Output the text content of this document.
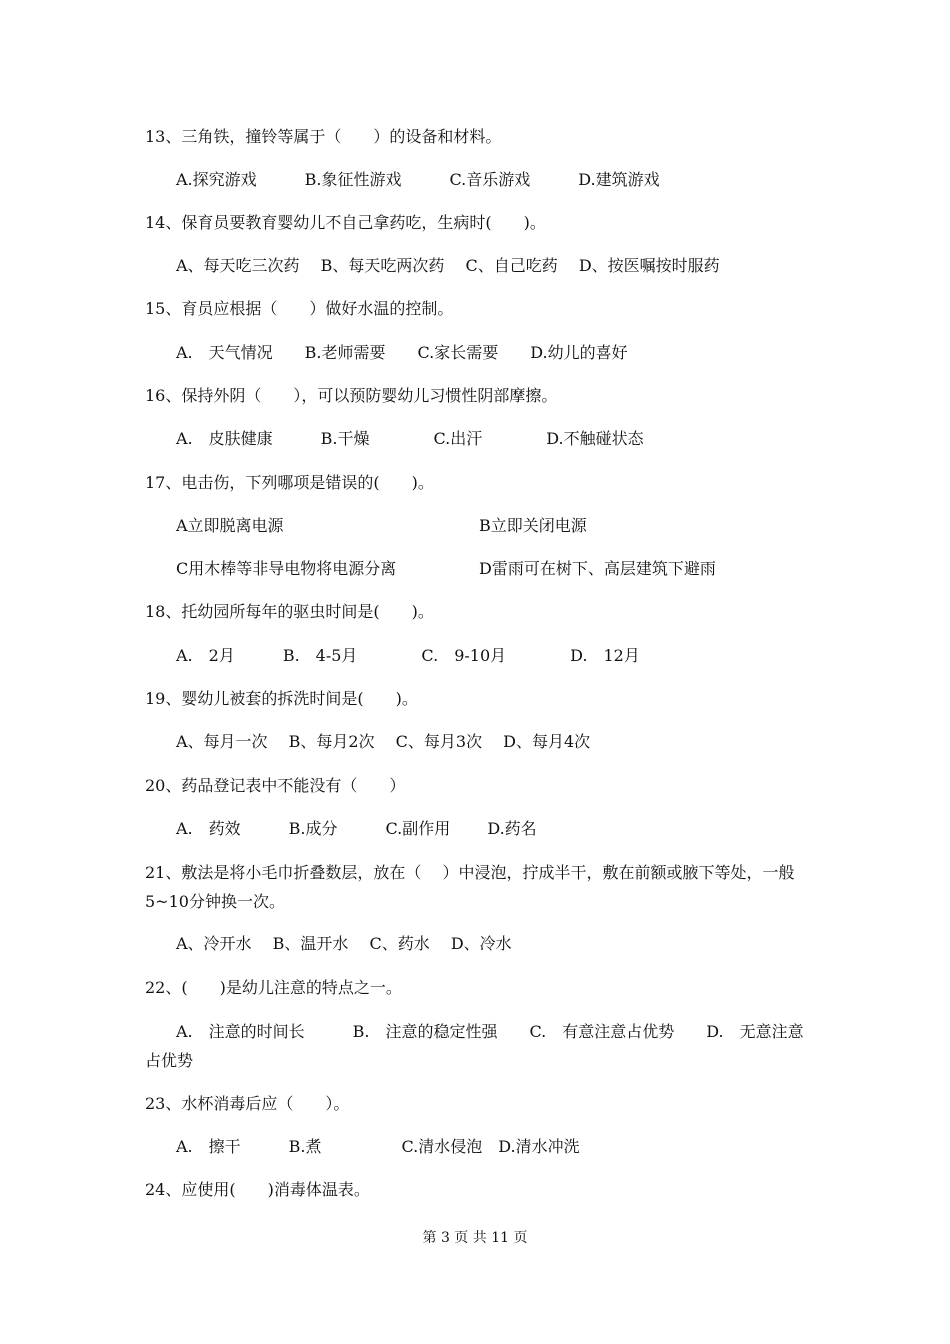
13、三角铁，撞铃等属于（　　）的设备和材料。
A.探究游戏　　　B.象征性游戏　　　C.音乐游戏　　　D.建筑游戏
14、保育员要教育婴幼儿不自己拿药吃，生病时(　　)。
A、每天吃三次药　 B、每天吃两次药　 C、自己吃药　 D、按医嘱按时服药
15、育员应根据（　　）做好水温的控制。
A.　天气情况　　B.老师需要　　C.家长需要　　D.幼儿的喜好
16、保持外阴（　　），可以预防婴幼儿习惯性阴部摩擦。
A.　皮肤健康　　　B.干燥　　　　C.出汗　　　　D.不触碰状态
17、电击伤，下列哪项是错误的(　　)。
A立即脱离电源	B立即关闭电源
C用木棒等非导电物将电源分离	D雷雨可在树下、高层建筑下避雨
18、托幼园所每年的驱虫时间是(　　)。
A.　2月　　　B.　4-5月　　　　C.　9-10月　　　　D.　12月
19、婴幼儿被套的拆洗时间是(　　)。
A、每月一次　 B、每月2次　 C、每月3次　 D、每月4次
20、药品登记表中不能没有（　　）
A.　药效　　　B.成分　　　C.副作用　　 D.药名
21、敷法是将小毛巾折叠数层，放在（　 ）中浸泡，拧成半干，敷在前额或腋下等处，一般5~10分钟换一次。
A、冷开水　 B、温开水　 C、药水　 D、冷水
22、(　　)是幼儿注意的特点之一。
A.　注意的时间长　　　B.　注意的稳定性强　　C.　有意注意占优势　　D.　无意注意占优势
23、水杯消毒后应（　　）。
A.　擦干　　　B.煮　　　　　C.清水侵泡　D.清水冲洗
24、应使用(　　)消毒体温表。
第 3 页 共 11 页
